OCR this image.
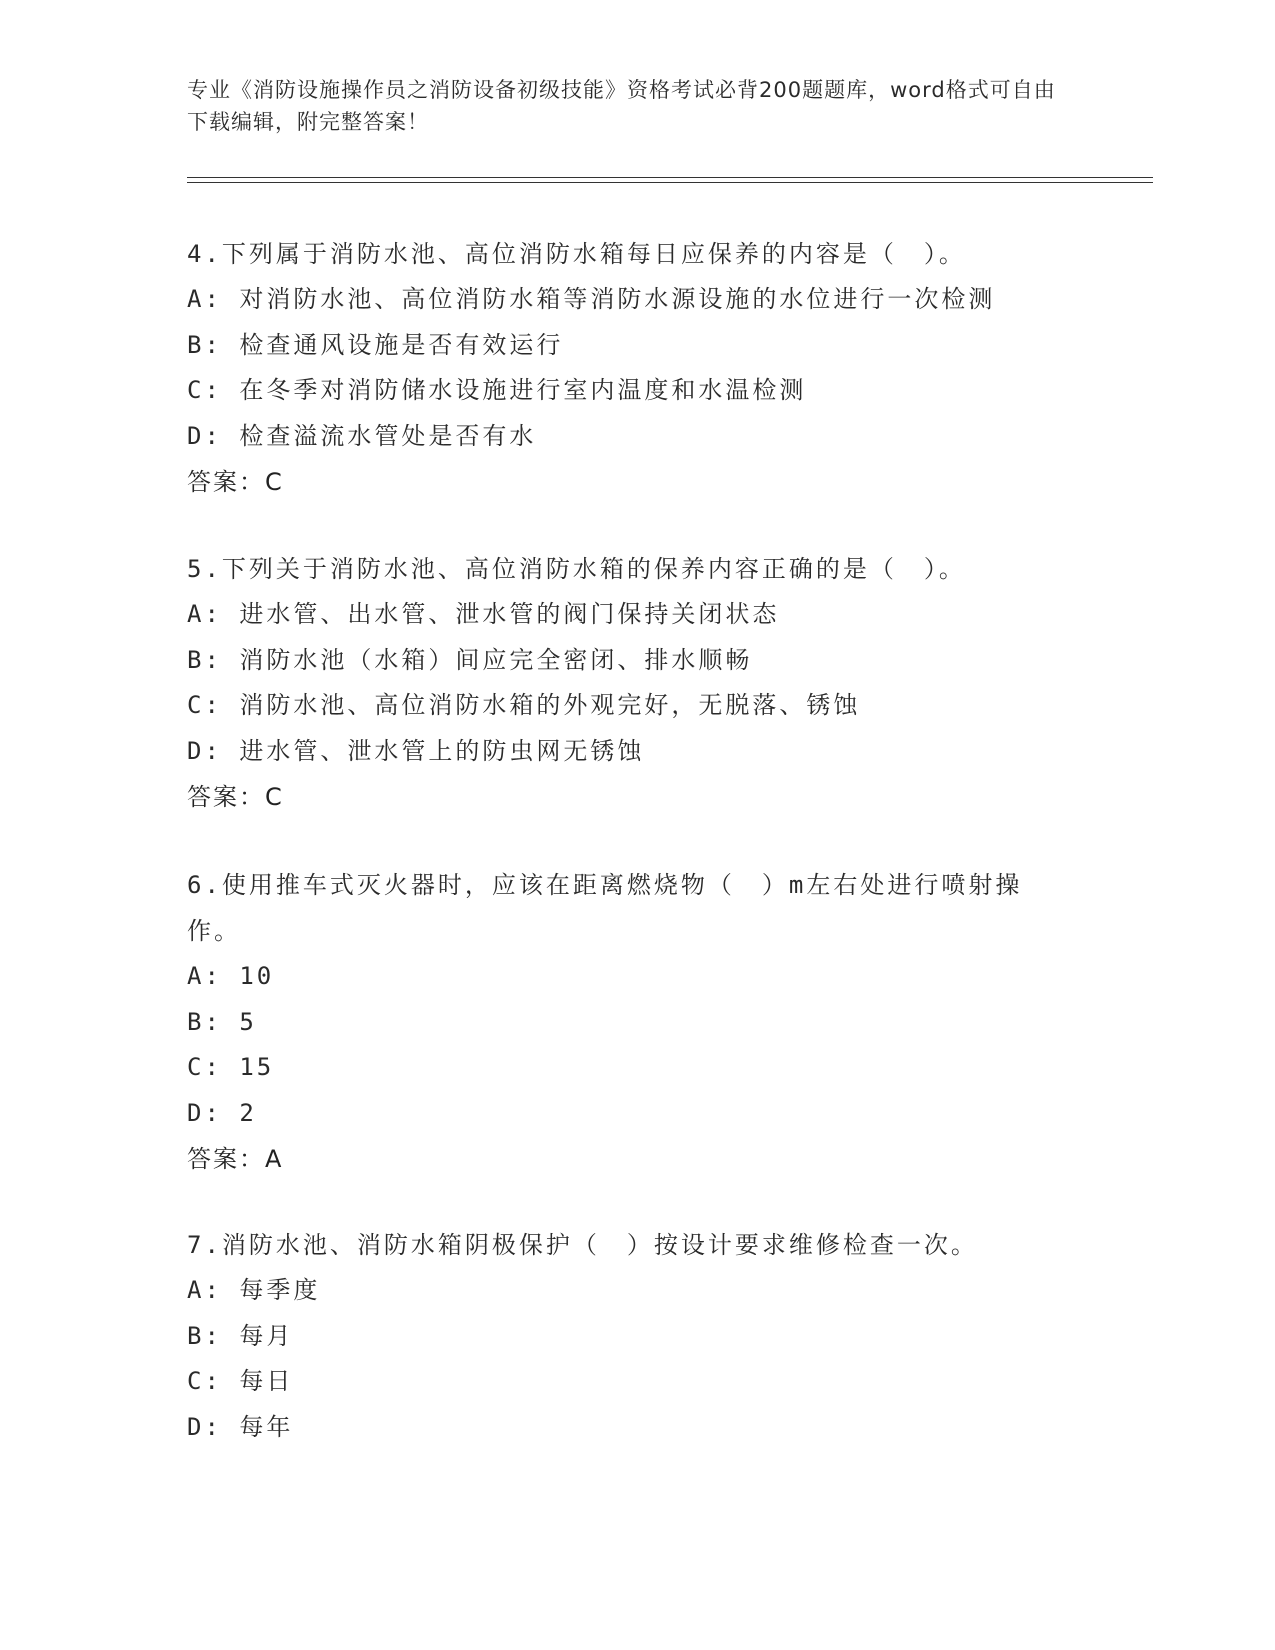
专业《消防设施操作员之消防设备初级技能》资格考试必背200题题库，word格式可自由下载编辑，附完整答案！

4.下列属于消防水池、高位消防水箱每日应保养的内容是（　）。

A: 对消防水池、高位消防水箱等消防水源设施的水位进行一次检测

B: 检查通风设施是否有效运行

C: 在冬季对消防储水设施进行室内温度和水温检测

D: 检查溢流水管处是否有水

答案：C

5.下列关于消防水池、高位消防水箱的保养内容正确的是（　）。

A: 进水管、出水管、泄水管的阀门保持关闭状态

B: 消防水池（水箱）间应完全密闭、排水顺畅

C: 消防水池、高位消防水箱的外观完好，无脱落、锈蚀

D: 进水管、泄水管上的防虫网无锈蚀

答案：C

6.使用推车式灭火器时，应该在距离燃烧物（　）m左右处进行喷射操作。

A: 10

B: 5

C: 15

D: 2

答案：A

7.消防水池、消防水箱阴极保护（　）按设计要求维修检查一次。

A: 每季度

B: 每月

C: 每日

D: 每年
